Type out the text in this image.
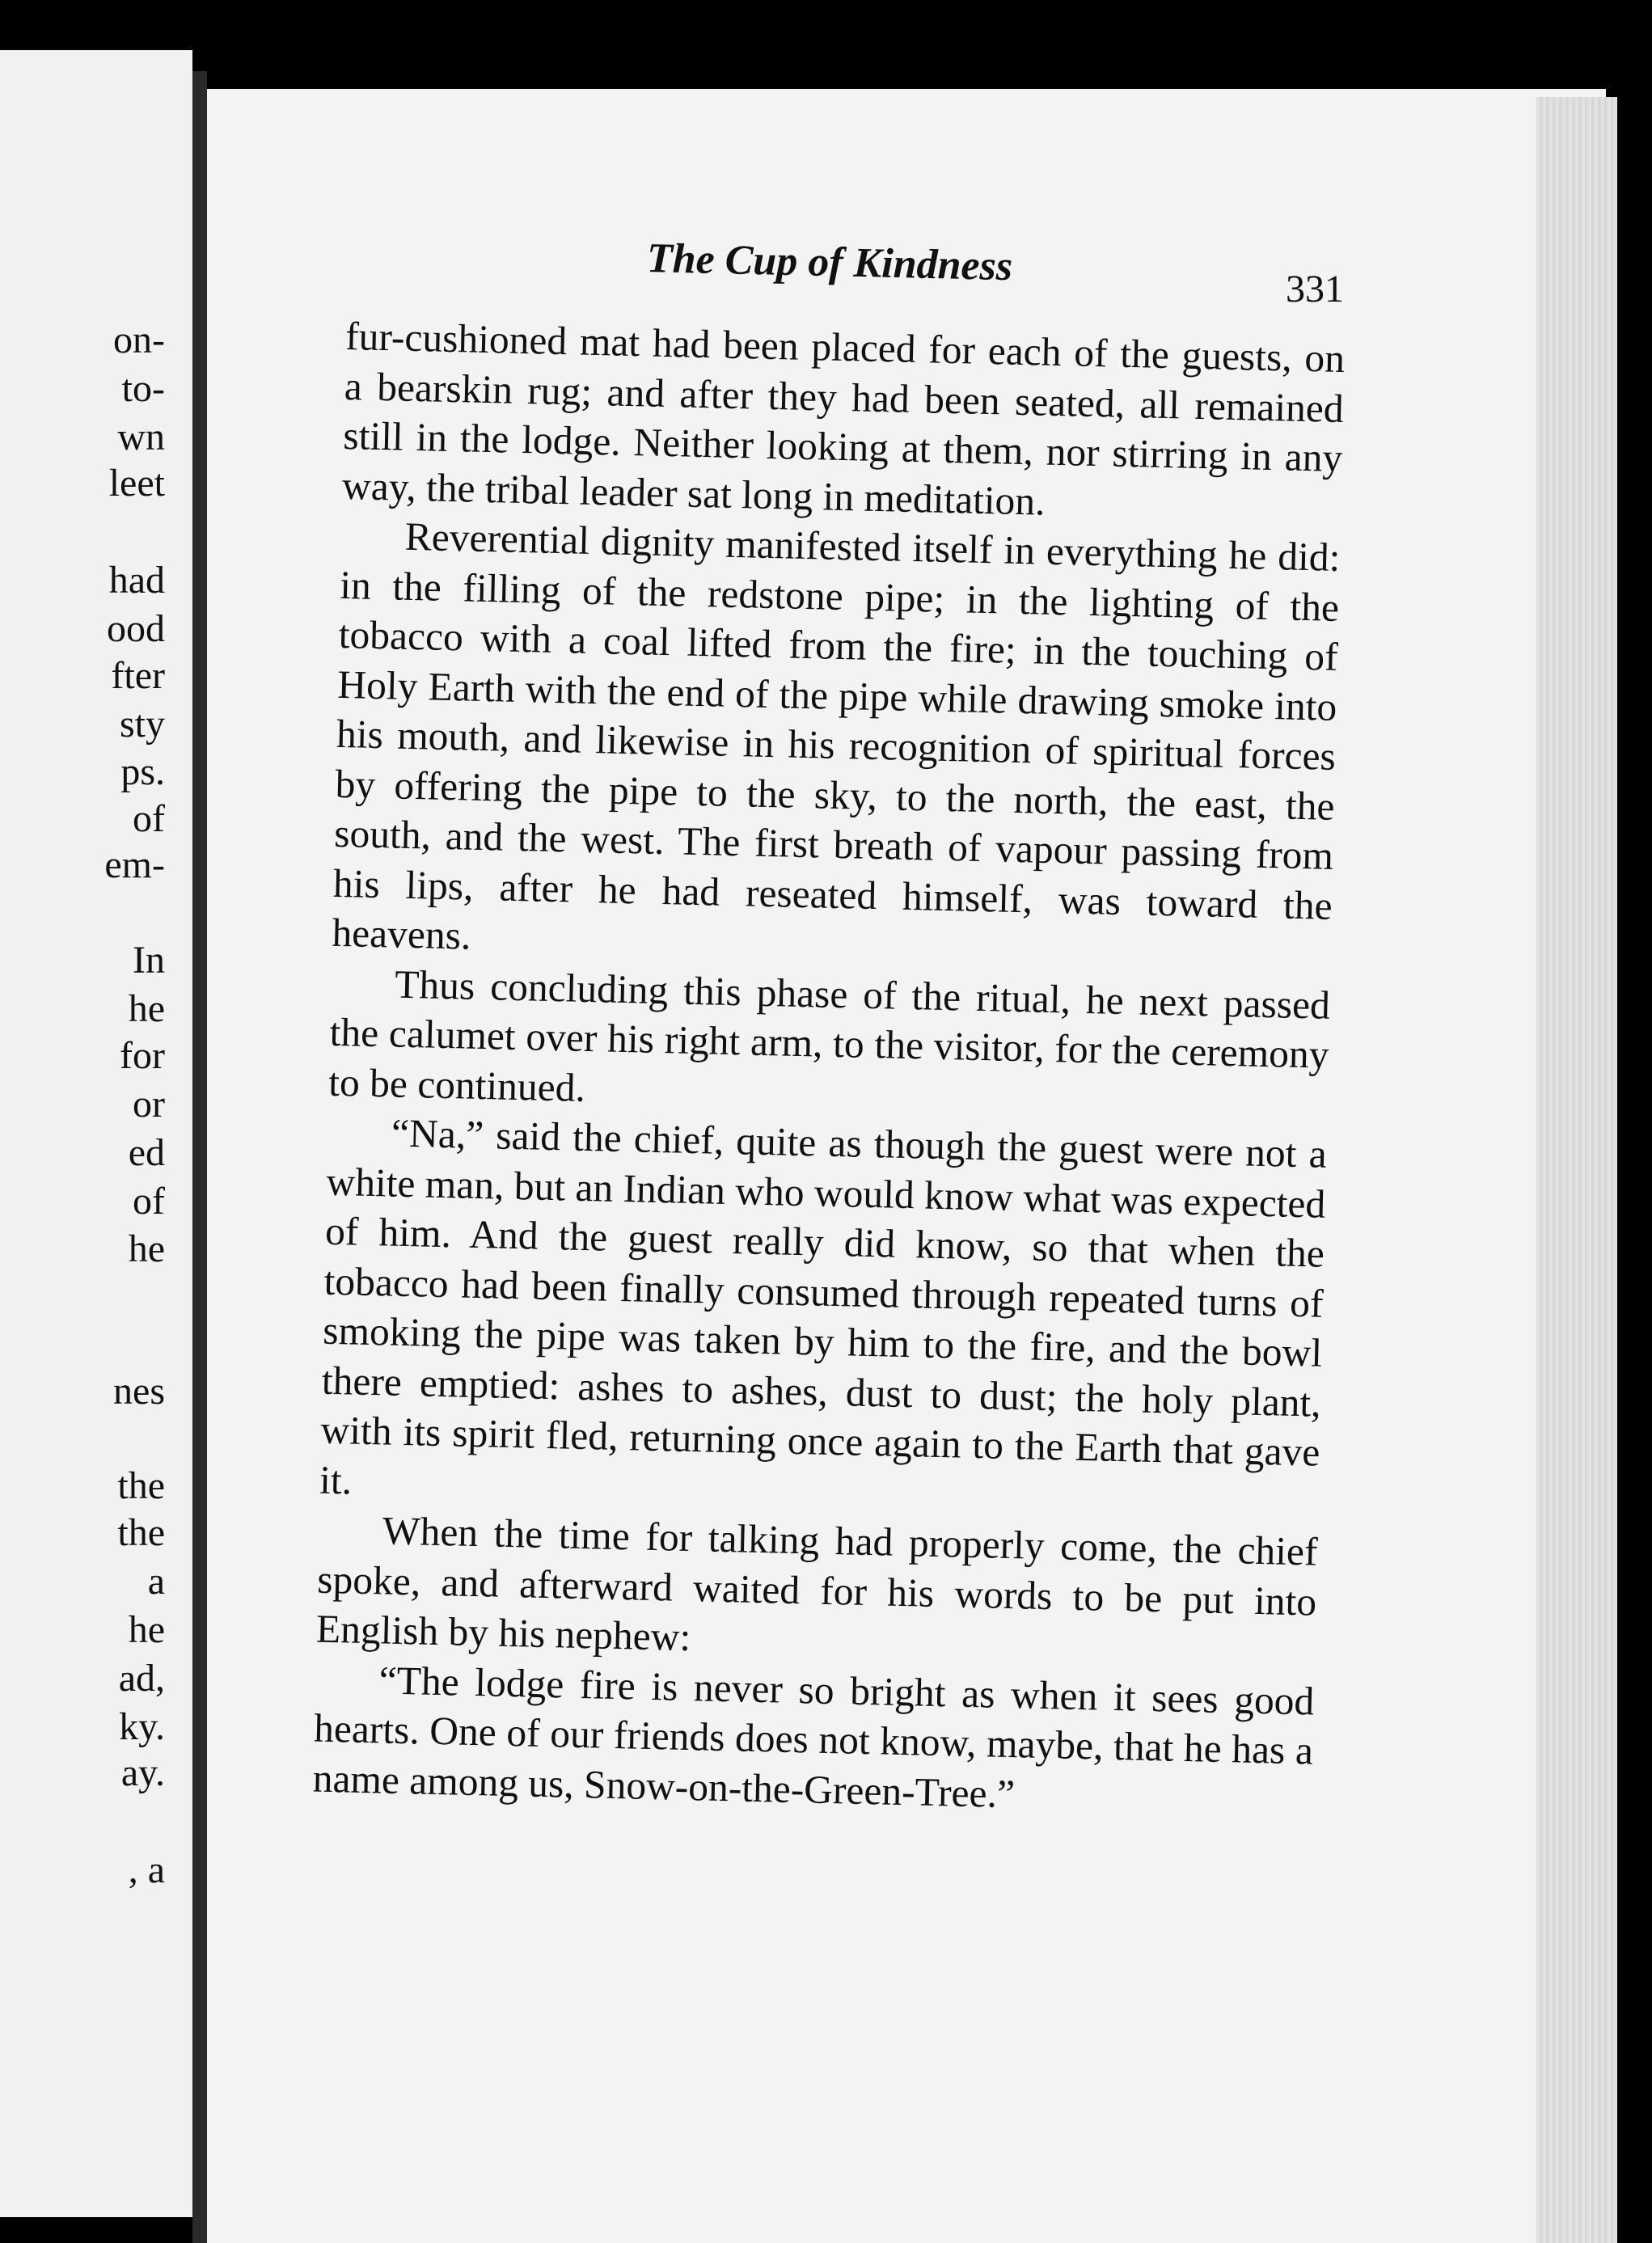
on-
to-
wn
leet
had
ood
fter
sty
ps.
of
em-
In
he
for
or
ed
of
he
nes
the
the
a
he
ad,
ky.
ay.
, a
The Cup of Kindness	331

fur-cushioned mat had been placed for each of the guests, on a bearskin rug; and after they had been seated, all remained still in the lodge. Neither looking at them, nor stirring in any way, the tribal leader sat long in meditation.

Reverential dignity manifested itself in everything he did: in the filling of the redstone pipe; in the lighting of the tobacco with a coal lifted from the fire; in the touching of Holy Earth with the end of the pipe while drawing smoke into his mouth, and likewise in his recognition of spiritual forces by offering the pipe to the sky, to the north, the east, the south, and the west. The first breath of vapour passing from his lips, after he had reseated himself, was toward the heavens.

Thus concluding this phase of the ritual, he next passed the calumet over his right arm, to the visitor, for the ceremony to be continued.

“Na,” said the chief, quite as though the guest were not a white man, but an Indian who would know what was expected of him. And the guest really did know, so that when the tobacco had been finally consumed through repeated turns of smoking the pipe was taken by him to the fire, and the bowl there emptied: ashes to ashes, dust to dust; the holy plant, with its spirit fled, returning once again to the Earth that gave it.

When the time for talking had properly come, the chief spoke, and afterward waited for his words to be put into English by his nephew:

“The lodge fire is never so bright as when it sees good hearts. One of our friends does not know, maybe, that he has a name among us, Snow-on-the-Green-Tree.”
